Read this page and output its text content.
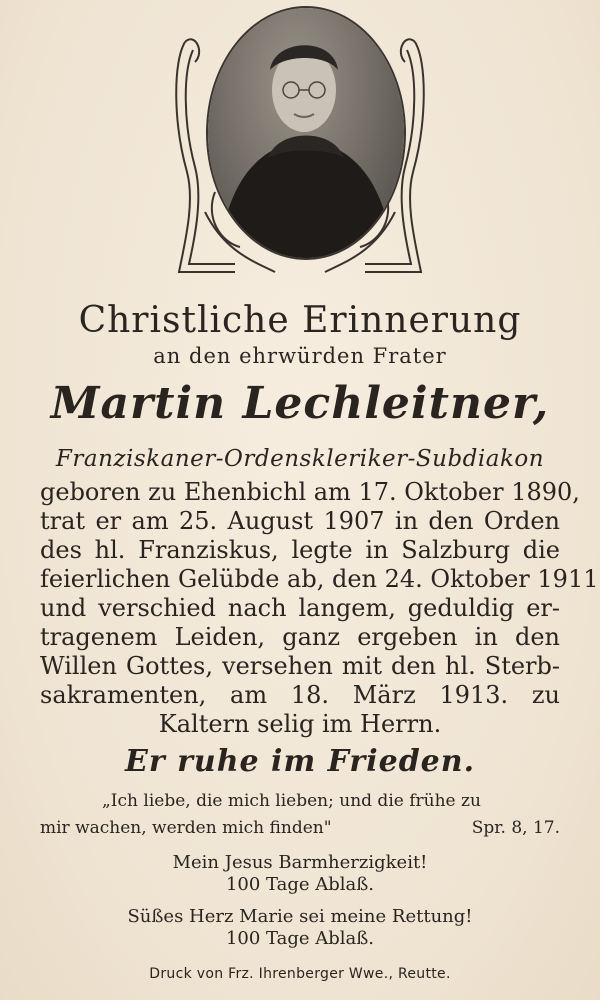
Christliche Erinnerung
an den ehrwürden Frater
Martin Lechleitner,
Franziskaner-Ordenskleriker-Subdiakon
geboren zu Ehenbichl am 17. Oktober 1890,
trat er am 25. August 1907 in den Orden
des hl. Franziskus, legte in Salzburg die
feierlichen Gelübde ab, den 24. Oktober 1911
und verschied nach langem, geduldig er-
tragenem Leiden, ganz ergeben in den
Willen Gottes, versehen mit den hl. Sterb-
sakramenten, am 18. März 1913. zu
Kaltern selig im Herrn.
Er ruhe im Frieden.
„Ich liebe, die mich lieben; und die frühe zu
mir wachen, werden mich finden"	Spr. 8, 17.
Mein Jesus Barmherzigkeit!
100 Tage Ablaß.
Süßes Herz Marie sei meine Rettung!
100 Tage Ablaß.
Druck von Frz. Ihrenberger Wwe., Reutte.
